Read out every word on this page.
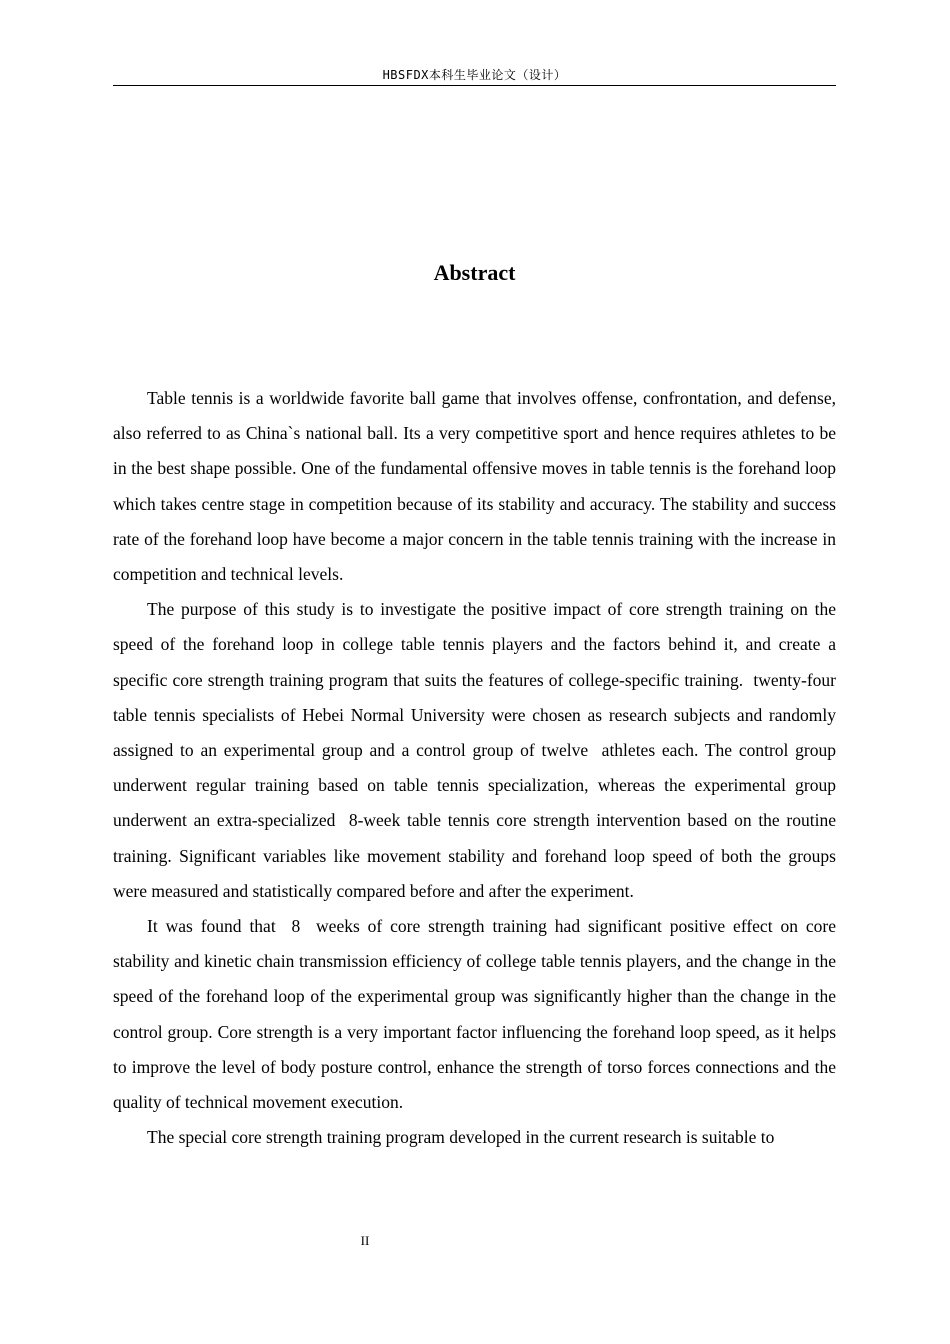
HBSFDX本科生毕业论文（设计）
Abstract

Table tennis is a worldwide favorite ball game that involves offense, confrontation, and defense, also referred to as China`s national ball. Its a very competitive sport and hence requires athletes to be in the best shape possible. One of the fundamental offensive moves in table tennis is the forehand loop which takes centre stage in competition because of its stability and accuracy. The stability and success rate of the forehand loop have become a major concern in the table tennis training with the increase in competition and technical levels.

The purpose of this study is to investigate the positive impact of core strength training on the speed of the forehand loop in college table tennis players and the factors behind it, and create a specific core strength training program that suits the features of college-specific training.  twenty-four  table tennis specialists of Hebei Normal University were chosen as research subjects and randomly assigned to an experimental group and a control group of twelve  athletes each. The control group underwent regular training based on table tennis specialization, whereas the experimental group underwent an extra-specialized  8-week table tennis core strength intervention based on the routine training. Significant variables like movement stability and forehand loop speed of both the groups were measured and statistically compared before and after the experiment.

It was found that  8  weeks of core strength training had significant positive effect on core stability and kinetic chain transmission efficiency of college table tennis players, and the change in the speed of the forehand loop of the experimental group was significantly higher than the change in the control group. Core strength is a very important factor influencing the forehand loop speed, as it helps to improve the level of body posture control, enhance the strength of torso forces connections and the quality of technical movement execution.

The special core strength training program developed in the current research is suitable to

II
